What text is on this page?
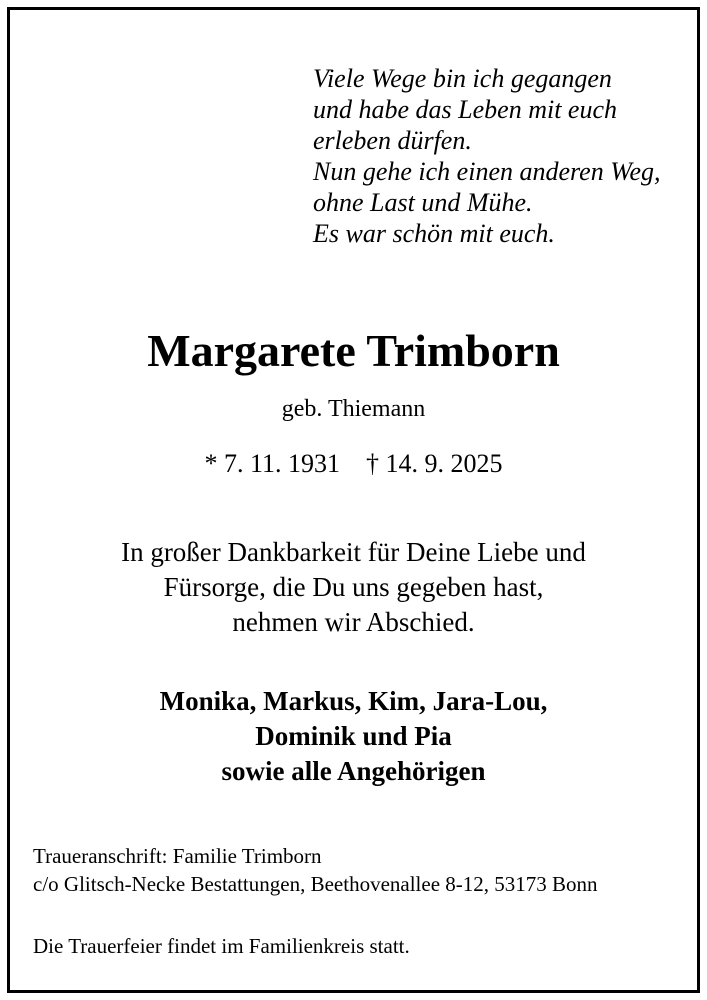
Viele Wege bin ich gegangen
und habe das Leben mit euch
erleben dürfen.
Nun gehe ich einen anderen Weg,
ohne Last und Mühe.
Es war schön mit euch.
Margarete Trimborn
geb. Thiemann
* 7. 11. 1931 † 14. 9. 2025
In großer Dankbarkeit für Deine Liebe und
Fürsorge, die Du uns gegeben hast,
nehmen wir Abschied.
Monika, Markus, Kim, Jara-Lou,
Dominik und Pia
sowie alle Angehörigen
Traueranschrift: Familie Trimborn
c/o Glitsch-Necke Bestattungen, Beethovenallee 8-12, 53173 Bonn
Die Trauerfeier findet im Familienkreis statt.
